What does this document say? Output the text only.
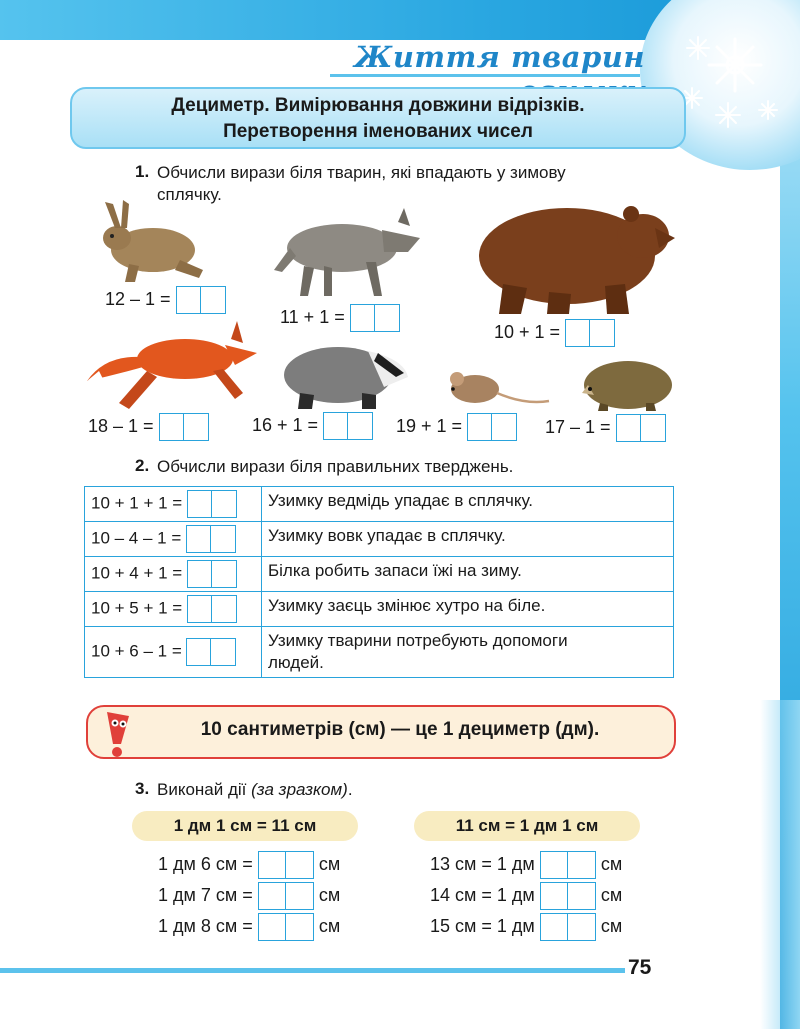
Життя тварин
Дециметр. Вимірювання довжини відрізків.
Перетворення іменованих чисел
1. Обчисли вирази біля тварин, які впадають у зимову
сплячку.
12 – 1 =
11 + 1 =
10 + 1 =
18 – 1 =	16 + 1 =	19 + 1 =	17 – 1 =
2. Обчисли вирази біля правильних тверджень.
10 + 1 + 1 =	Узимку ведмідь упадає в сплячку.
10 – 4 – 1 =	Узимку вовк упадає в сплячку.
10 + 4 + 1 =	Білка робить запаси їжі на зиму.
10 + 5 + 1 =	Узимку заєць змінює хутро на біле.
10 + 6 – 1 =	Узимку тварини потребують допомоги
людей.
10 сантиметрів (см) — це 1 дециметр (дм).
3. Виконай дії (за зразком).
1 дм 1 см = 11 см	11 см = 1 дм 1 см
1 дм 6 см =	см
1 дм 7 см =	см
1 дм 8 см =	см
13 см = 1 дм	см
14 см = 1 дм	см
15 см = 1 дм	см
75
